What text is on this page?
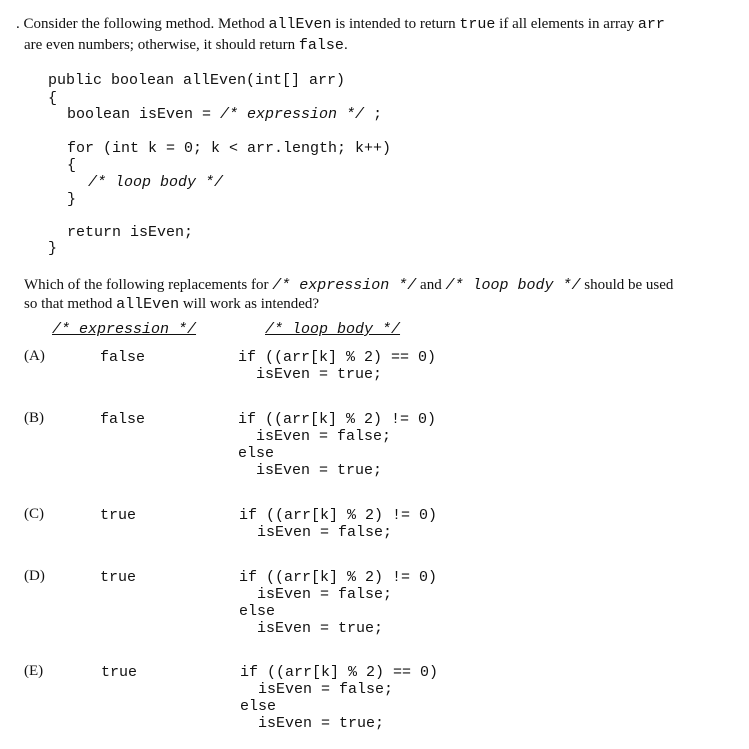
. Consider the following method. Method allEven is intended to return true if all elements in array arr
are even numbers; otherwise, it should return false.
public boolean allEven(int[] arr)
{
boolean isEven = /* expression */ ;
for (int k = 0; k < arr.length; k++)
{
/* loop body */
}
return isEven;
}
Which of the following replacements for /* expression */ and /* loop body */ should be used
so that method allEven will work as intended?
/* expression */	/* loop body */
(A)	false	if ((arr[k] % 2) == 0)
isEven = true;
(B)	false	if ((arr[k] % 2) != 0)
isEven = false;
else
isEven = true;
(C)	true	if ((arr[k] % 2) != 0)
isEven = false;
(D)	true	if ((arr[k] % 2) != 0)
isEven = false;
else
isEven = true;
(E)	true	if ((arr[k] % 2) == 0)
isEven = false;
else
isEven = true;
